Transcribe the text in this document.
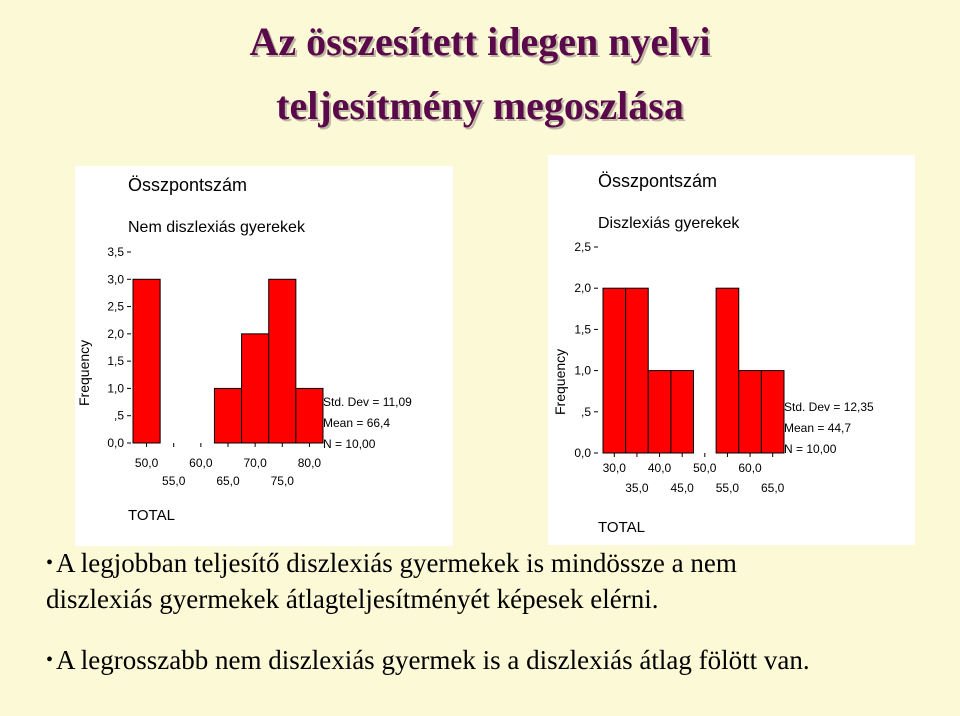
Az összesített idegen nyelvi
teljesítmény megoszlása
Összpontszám
Nem diszlexiás gyerekek
0,0
,5
1,0
1,5
2,0
2,5
3,0
3,5
50,0
55,0
60,0
65,0
70,0
75,0
80,0
TOTAL
Frequency	Std. Dev = 11,09
Mean = 66,4
N = 10,00
Összpontszám
Diszlexiás gyerekek
0,0
,5
1,0
1,5
2,0
2,5
30,0
35,0
40,0
45,0
50,0
55,0
60,0
65,0
TOTAL
Frequency	Std. Dev = 12,35
Mean = 44,7
N = 10,00
• A legjobban teljesítő diszlexiás gyermekek is mindössze a nem
diszlexiás gyermekek átlagteljesítményét képesek elérni.
• A legrosszabb nem diszlexiás gyermek is a diszlexiás átlag fölött van.
